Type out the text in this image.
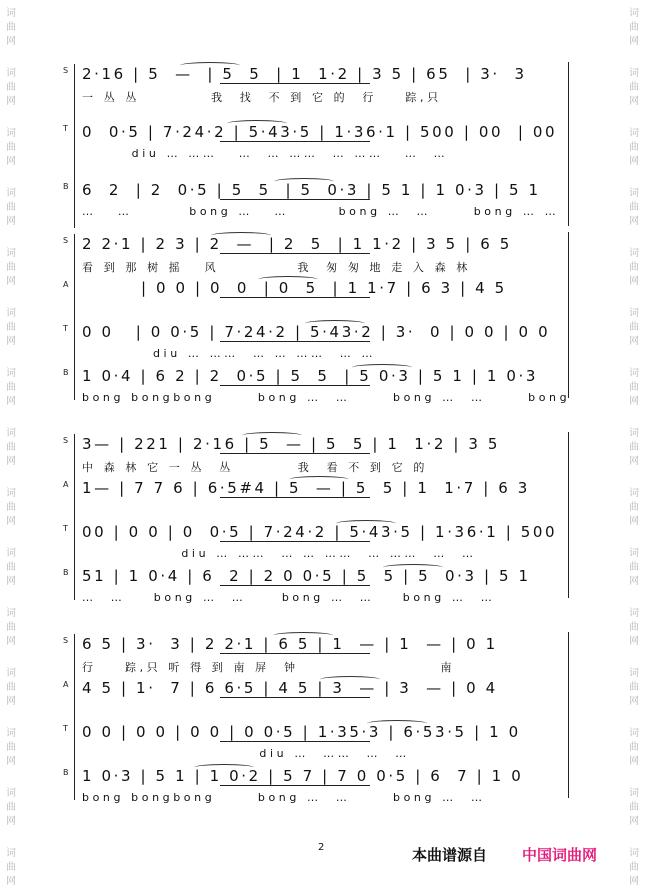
词
曲
网
词
曲
网
词
曲
网
词
曲
网
词
曲
网
词
曲
网
词
曲
网
词
曲
网
词
曲
网
词
曲
网
词
曲
网
词
曲
网
词
曲
网
词
曲
网
词
曲
网
词
曲
网
词
曲
网
词
曲
网
词
曲
网
词
曲
网
词
曲
网
词
曲
网
词
曲
网
词
曲
网
词
曲
网
词
曲
网
词
曲
网
词
曲
网
词
曲
网
词
曲
网
S 2·16 | 5  —  | 5  5  | 1  1·2 | 3 5 | 65  | 3·  3
一 丛 丛          我  找  不 到 它 的  行    踪,只
T 0  0·5 | 7·24·2 | 5·43·5 | 1·36·1 | 500 | 00  | 00
diu … ……   …  … ……  … ……   …  …
B 6  2  | 2  0·5 | 5  5  | 5  0·3 | 5 1 | 1 0·3 | 5 1
…   …        bong …   …       bong …  …      bong … …
S 2 2·1 | 2 3 | 2  —  | 2  5  | 1 1·2 | 3 5 | 6 5
看 到 那 树 摇   风           我  匆 匆 地 走 入 森 林
A | 0 0 | 0  0  | 0  5  | 1 1·7 | 6 3 | 4 5
T 0 0   | 0 0·5 | 7·24·2 | 5·43·2 | 3·  0 | 0 0 | 0 0
diu … ……  … … ……  … …
B 1 0·4 | 6 2 | 2  0·5 | 5  5  | 5 0·3 | 5 1 | 1 0·3
bong bongbong      bong …  …      bong …  …      bong
S 3— | 221 | 2·16 | 5  — | 5  5 | 1  1·2 | 3 5
中 森 林 它 一 丛  丛         我  看 不 到 它 的
A 1— | 7 7 6 | 6·5#4 | 5  — | 5  5 | 1  1·7 | 6 3
T 00 | 0 0 | 0  0·5 | 7·24·2 | 5·43·5 | 1·36·1 | 500
diu … ……  … … ……  … ……  …  …
B 51 | 1 0·4 | 6  2 | 2 0 0·5 | 5  5 | 5  0·3 | 5 1
…  …    bong …  …     bong …  …    bong …  …
S 6 5 | 3·  3 | 2 2·1 | 6 5 | 1  — | 1  — | 0 1
行    踪,只 听 得 到 南 屏  钟                    南
A 4 5 | 1·  7 | 6 6·5 | 4 5 | 3  — | 3  — | 0 4
T 0 0 | 0 0 | 0 0 | 0 0·5 | 1·35·3 | 6·53·5 | 1 0
diu …  ……  …  …
B 1 0·3 | 5 1 | 1 0·2 | 5 7 | 7 0 0·5 | 6  7 | 1 0
bong bongbong      bong …  …      bong …  …
2	本曲谱源自 中国词曲网
